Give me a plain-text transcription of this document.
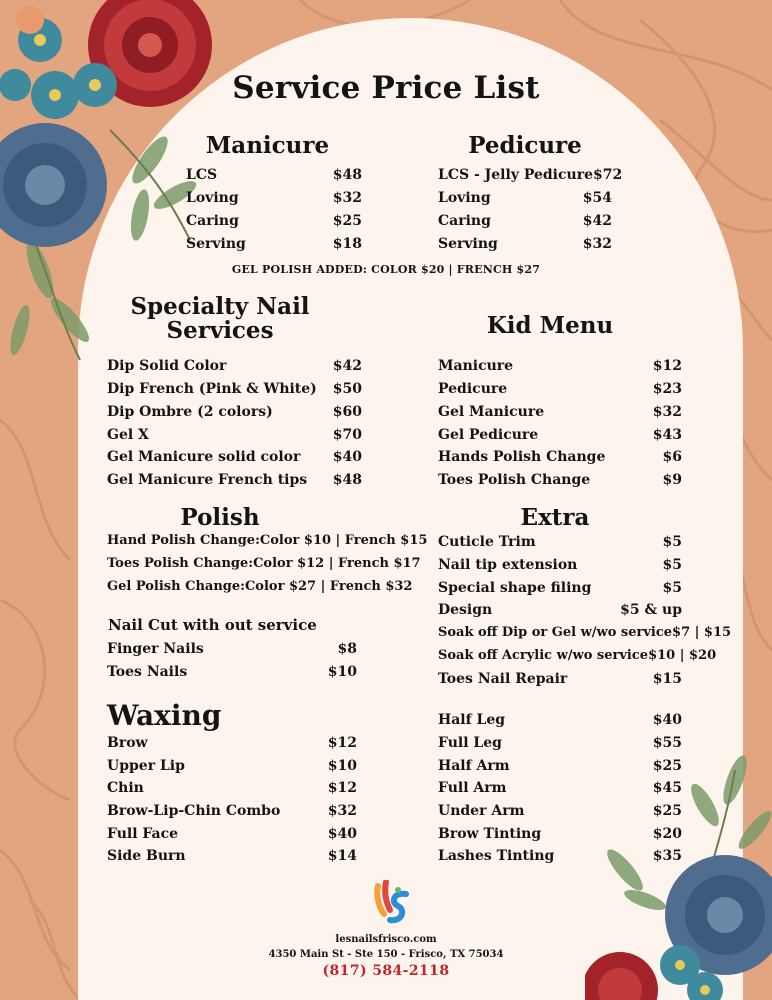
Service Price List
Manicure
LCS	$48
Loving	$32
Caring	$25
Serving	$18
Pedicure
LCS - Jelly Pedicure $72
Loving	$54
Caring	$42
Serving	$32
GEL POLISH ADDED: COLOR $20 | FRENCH $27
Specialty Nail
Services
Dip Solid Color	$42
Dip French (Pink & White) $50
Dip Ombre (2 colors)	$60
Gel X	$70
Gel Manicure solid color $40
Gel Manicure French tips $48
Kid Menu
Manicure	$12
Pedicure	$23
Gel Manicure	$32
Gel Pedicure	$43
Hands Polish Change	$6
Toes Polish Change	$9
Polish
Hand Polish Change: Color $10 | French $15
Toes Polish Change: Color $12 | French $17
Gel Polish Change: Color $27 | French $32
Nail Cut with out service
Finger Nails	$8
Toes Nails	$10
Extra
Cuticle Trim	$5
Nail tip extension	$5
Special shape filing	$5
Design	$5 & up
Soak off Dip or Gel w/wo service $7 | $15
Soak off Acrylic w/wo service $10 | $20
Toes Nail Repair	$15
Waxing
Brow	$12
Upper Lip	$10
Chin	$12
Brow-Lip-Chin Combo	$32
Full Face	$40
Side Burn	$14
Half Leg	$40
Full Leg	$55
Half Arm	$25
Full Arm	$45
Under Arm	$25
Brow Tinting	$20
Lashes Tinting	$35
lesnailsfrisco.com
4350 Main St - Ste 150 - Frisco, TX 75034
(817) 584-2118
